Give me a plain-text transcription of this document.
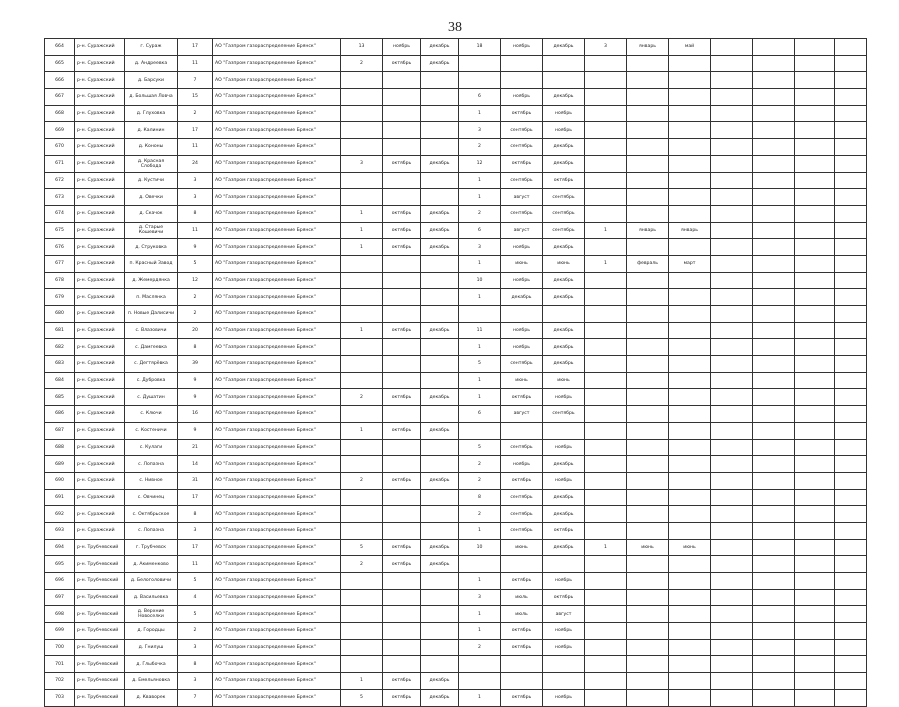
38
664	р-н. Суражский	г. Сураж	17	АО "Газпром газораспределение Брянск"	13	ноябрь	декабрь	18	ноябрь	декабрь	3	январь	май				
665	р-н. Суражский	д. Андреевка	11	АО "Газпром газораспределение Брянск"	2	октябрь	декабрь										
666	р-н. Суражский	д. Барсуки	7	АО "Газпром газораспределение Брянск"													
667	р-н. Суражский	д. Большая Ловча	15	АО "Газпром газораспределение Брянск"				6	ноябрь	декабрь							
668	р-н. Суражский	д. Глуховка	2	АО "Газпром газораспределение Брянск"				1	октябрь	ноябрь							
669	р-н. Суражский	д. Калинин	17	АО "Газпром газораспределение Брянск"				3	сентябрь	ноябрь							
670	р-н. Суражский	д. Кононы	11	АО "Газпром газораспределение Брянск"				2	сентябрь	декабрь							
671	р-н. Суражский	д. Красная Слобода	24	АО "Газпром газораспределение Брянск"	3	октябрь	декабрь	12	октябрь	декабрь							
672	р-н. Суражский	д. Кустичи	3	АО "Газпром газораспределение Брянск"				1	сентябрь	октябрь							
673	р-н. Суражский	д. Овечки	3	АО "Газпром газораспределение Брянск"				1	август	сентябрь							
674	р-н. Суражский	д. Скачок	8	АО "Газпром газораспределение Брянск"	1	октябрь	декабрь	2	сентябрь	сентябрь							
675	р-н. Суражский	д. Старые Кошевичи	11	АО "Газпром газораспределение Брянск"	1	октябрь	декабрь	6	август	сентябрь	1	январь	январь				
676	р-н. Суражский	д. Струковка	9	АО "Газпром газораспределение Брянск"	1	октябрь	декабрь	3	ноябрь	декабрь							
677	р-н. Суражский	п. Красный Завод	5	АО "Газпром газораспределение Брянск"				1	июнь	июнь	1	февраль	март				
678	р-н. Суражский	д. Жемердянка	12	АО "Газпром газораспределение Брянск"				10	ноябрь	декабрь							
679	р-н. Суражский	п. Маслянка	2	АО "Газпром газораспределение Брянск"				1	декабрь	декабрь							
680	р-н. Суражский	п. Новые Далисичи	2	АО "Газпром газораспределение Брянск"													
681	р-н. Суражский	с. Влазовичи	20	АО "Газпром газораспределение Брянск"	1	октябрь	декабрь	11	ноябрь	декабрь							
682	р-н. Суражский	с. Дамгеевка	8	АО "Газпром газораспределение Брянск"				1	ноябрь	декабрь							
683	р-н. Суражский	с. Дегтярёвка	39	АО "Газпром газораспределение Брянск"				5	сентябрь	декабрь							
684	р-н. Суражский	с. Дубровка	9	АО "Газпром газораспределение Брянск"				1	июнь	июнь							
685	р-н. Суражский	с. Душатин	9	АО "Газпром газораспределение Брянск"	2	октябрь	декабрь	1	октябрь	ноябрь							
686	р-н. Суражский	с. Ключи	16	АО "Газпром газораспределение Брянск"				6	август	сентябрь							
687	р-н. Суражский	с. Костеничи	9	АО "Газпром газораспределение Брянск"	1	октябрь	декабрь										
688	р-н. Суражский	с. Кулаги	21	АО "Газпром газораспределение Брянск"				5	сентябрь	ноябрь							
689	р-н. Суражский	с. Лопазна	14	АО "Газпром газораспределение Брянск"				2	ноябрь	декабрь							
690	р-н. Суражский	с. Нивное	31	АО "Газпром газораспределение Брянск"	2	октябрь	декабрь	2	октябрь	ноябрь							
691	р-н. Суражский	с. Овчинец	17	АО "Газпром газораспределение Брянск"				8	сентябрь	декабрь							
692	р-н. Суражский	с. Октябрьское	8	АО "Газпром газораспределение Брянск"				2	сентябрь	декабрь							
693	р-н. Суражский	с. Лопазна	3	АО "Газпром газораспределение Брянск"				1	сентябрь	октябрь							
694	р-н. Трубчевский	г. Трубчевск	17	АО "Газпром газораспределение Брянск"	5	октябрь	декабрь	10	июнь	декабрь	1	июнь	июнь				
695	р-н. Трубчевский	д. Акименково	11	АО "Газпром газораспределение Брянск"	2	октябрь	декабрь										
696	р-н. Трубчевский	д. Белоголовичи	5	АО "Газпром газораспределение Брянск"				1	октябрь	ноябрь							
697	р-н. Трубчевский	д. Васильевка	4	АО "Газпром газораспределение Брянск"				3	июль	октябрь							
698	р-н. Трубчевский	д. Верхние Новоселки	5	АО "Газпром газораспределение Брянск"				1	июль	август							
699	р-н. Трубчевский	д. Городцы	2	АО "Газпром газораспределение Брянск"				1	октябрь	ноябрь							
700	р-н. Трубчевский	д. Гнилуш	3	АО "Газпром газораспределение Брянск"				2	октябрь	ноябрь							
701	р-н. Трубчевский	д. Глыбочка	8	АО "Газпром газораспределение Брянск"													
702	р-н. Трубчевский	д. Емельяновка	3	АО "Газпром газораспределение Брянск"	1	октябрь	декабрь										
703	р-н. Трубчевский	д. Кваворек	7	АО "Газпром газораспределение Брянск"	5	октябрь	декабрь	1	октябрь	ноябрь							
